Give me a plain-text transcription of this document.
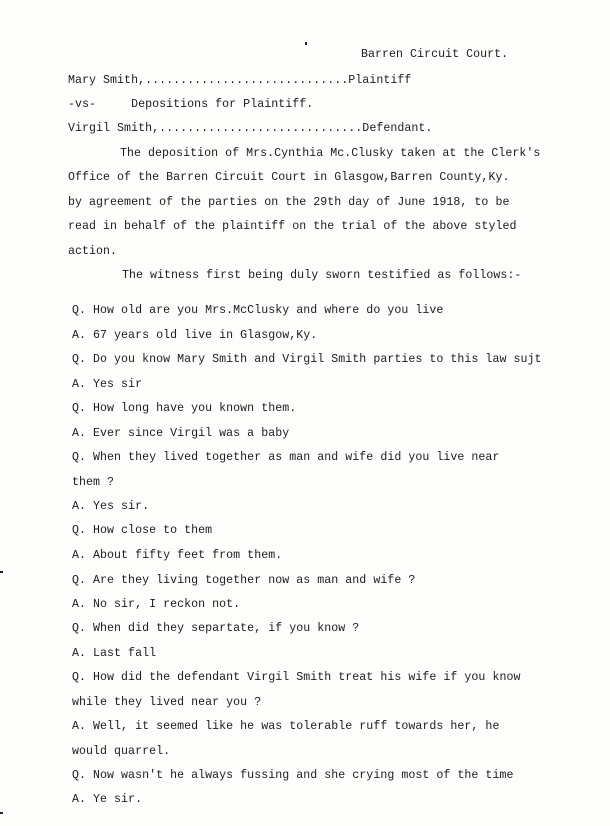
Barren Circuit Court.
Mary Smith,.............................Plaintiff
-vs-     Depositions for Plaintiff.
Virgil Smith,.............................Defendant.
The deposition of Mrs.Cynthia Mc.Clusky taken at the Clerk's
Office of the Barren Circuit Court in Glasgow,Barren County,Ky.
by agreement of the parties on the 29th day of June 1918, to be
read in behalf of the plaintiff on the trial of the above styled
action.
The witness first being duly sworn testified as follows:-
Q. How old are you Mrs.McClusky and where do you live
A. 67 years old live in Glasgow,Ky.
Q. Do you know Mary Smith and Virgil Smith parties to this law sujt
A. Yes sir
Q. How long have you known them.
A. Ever since Virgil was a baby
Q. When they lived together as man and wife did you live near
them ?
A. Yes sir.
Q. How close to them
A. About fifty feet from them.
Q. Are they living together now as man and wife ?
A. No sir, I reckon not.
Q. When did they separtate, if you know ?
A. Last fall
Q. How did the defendant Virgil Smith treat his wife if you know
while they lived near you ?
A. Well, it seemed like he was tolerable ruff towards her, he
would quarrel.
Q. Now wasn't he always fussing and she crying most of the time
A. Ye sir.
